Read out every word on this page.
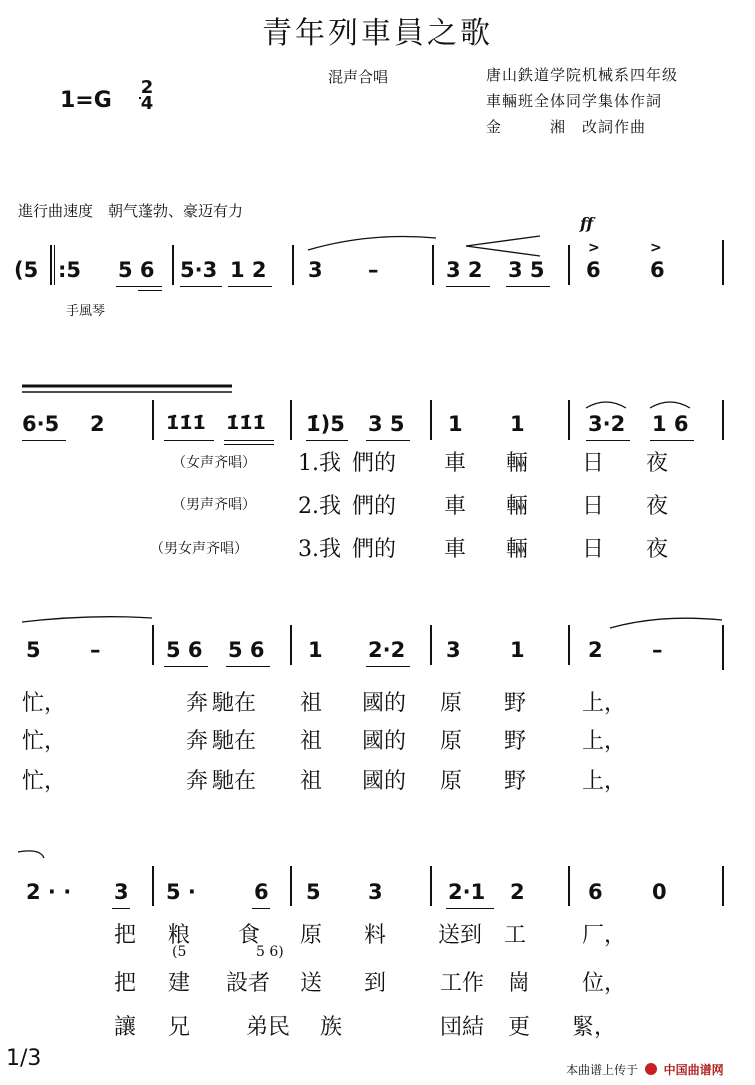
青年列車員之歌
1=G
2
4
混声合唱	唐山鉄道学院机械系四年级
車輛班全体同学集体作詞
金　　　湘　改詞作曲
進行曲速度　朝气蓬勃、豪迈有力
手風琴
(5 :5 5 6 5·3 1 2 3 –	3 2 3 5
ff
>	>
6 6
6·5 2	1̇1̇1̇ 1̇1̇1̇ 1̇)5 3 5 1 1	3·2 1 6
（女声齐唱）
（男声齐唱）
（男女声齐唱）
1.我 們的 車 輛 日 夜
2.我 們的 車 輛 日 夜
3.我 們的 車 輛 日 夜
5 –	5 6 5 6 1 2·2 3 1	2 –
忙，	奔 馳在 祖 國的 原 野	上，
忙，	奔 馳在 祖 國的 原 野	上，
忙，	奔 馳在 祖 國的 原 野	上，
2 · · 3 5 ·	6 5 3	2·1 2	6 0
(5	5 6)
把 粮 食 原 料 送到 工	厂，
把 建 設者 送 到 工作 崗 位，
讓 兄	弟民 族	団結 更 緊，
1/3	本曲谱上传于 中国曲谱网
